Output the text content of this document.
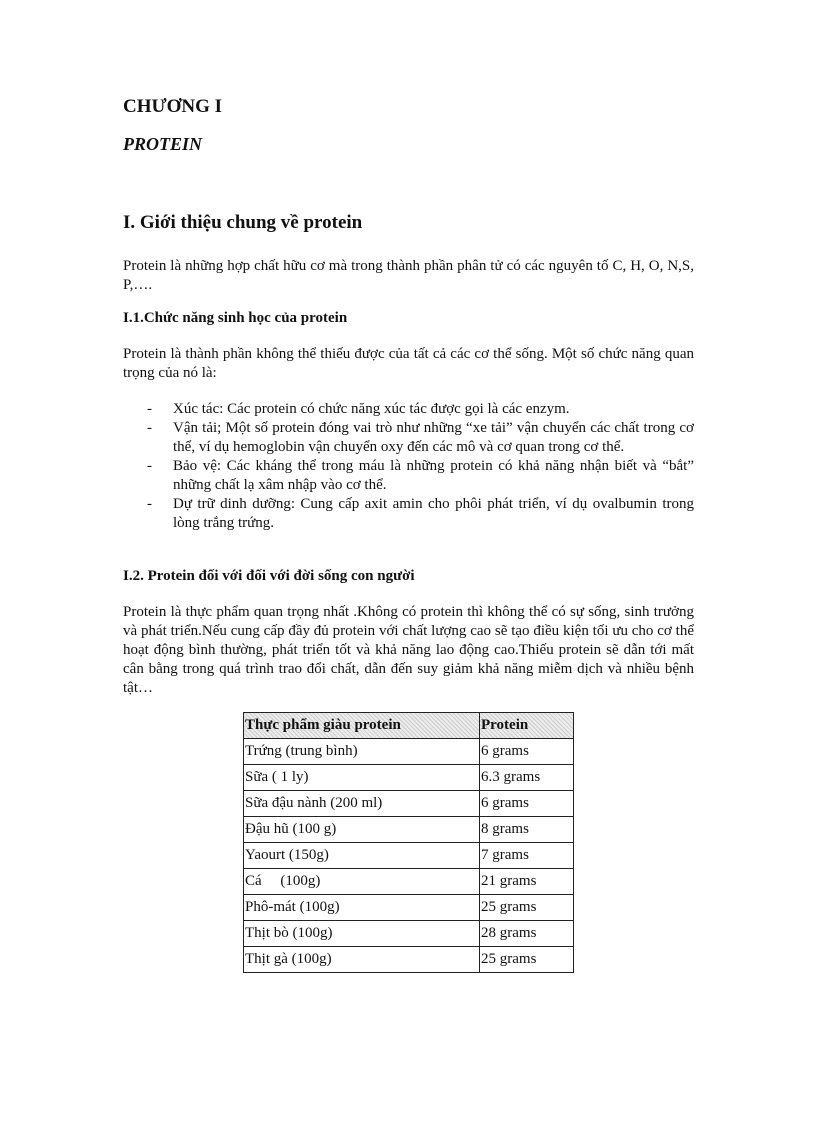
CHƯƠNG I
PROTEIN
I. Giới thiệu chung về protein

Protein là những hợp chất hữu cơ mà trong thành phần phân tử có các nguyên tố C, H, O, N,S, P,….

I.1.Chức năng sinh học của protein

Protein là thành phần không thể thiếu được của tất cả các cơ thể sống. Một số chức năng quan trọng của nó là:

- Xúc tác: Các protein có chức năng xúc tác được gọi là các enzym.
- Vận tải; Một số protein đóng vai trò như những “xe tải” vận chuyển các chất trong cơ thể, ví dụ hemoglobin vận chuyển oxy đến các mô và cơ quan trong cơ thể.
- Bảo vệ: Các kháng thể trong máu là những protein có khả năng nhận biết và “bắt” những chất lạ xâm nhập vào cơ thể.
- Dự trữ dinh dưỡng: Cung cấp axit amin cho phôi phát triển, ví dụ ovalbumin trong lòng trắng trứng.
I.2. Protein đối với đối với đời sống con người

Protein là thực phẩm quan trọng nhất .Không có protein thì không thể có sự sống, sinh trưởng và phát triển.Nếu cung cấp đầy đủ protein với chất lượng cao sẽ tạo điều kiện tối ưu cho cơ thể hoạt động bình thường, phát triển tốt và khả năng lao động cao.Thiếu protein sẽ dẫn tới mất cân bằng trong quá trình trao đổi chất, dẫn đến suy giảm khả năng miễm dịch và nhiều bệnh tật…

Thực phẩm giàu protein	Protein
Trứng (trung bình)	6 grams
Sữa ( 1 ly)	6.3 grams
Sữa đậu nành (200 ml)	6 grams
Đậu hũ (100 g)	8 grams
Yaourt (150g)	7 grams
Cá     (100g)	21 grams
Phô-mát (100g)	25 grams
Thịt bò (100g)	28 grams
Thịt gà (100g)	25 grams
